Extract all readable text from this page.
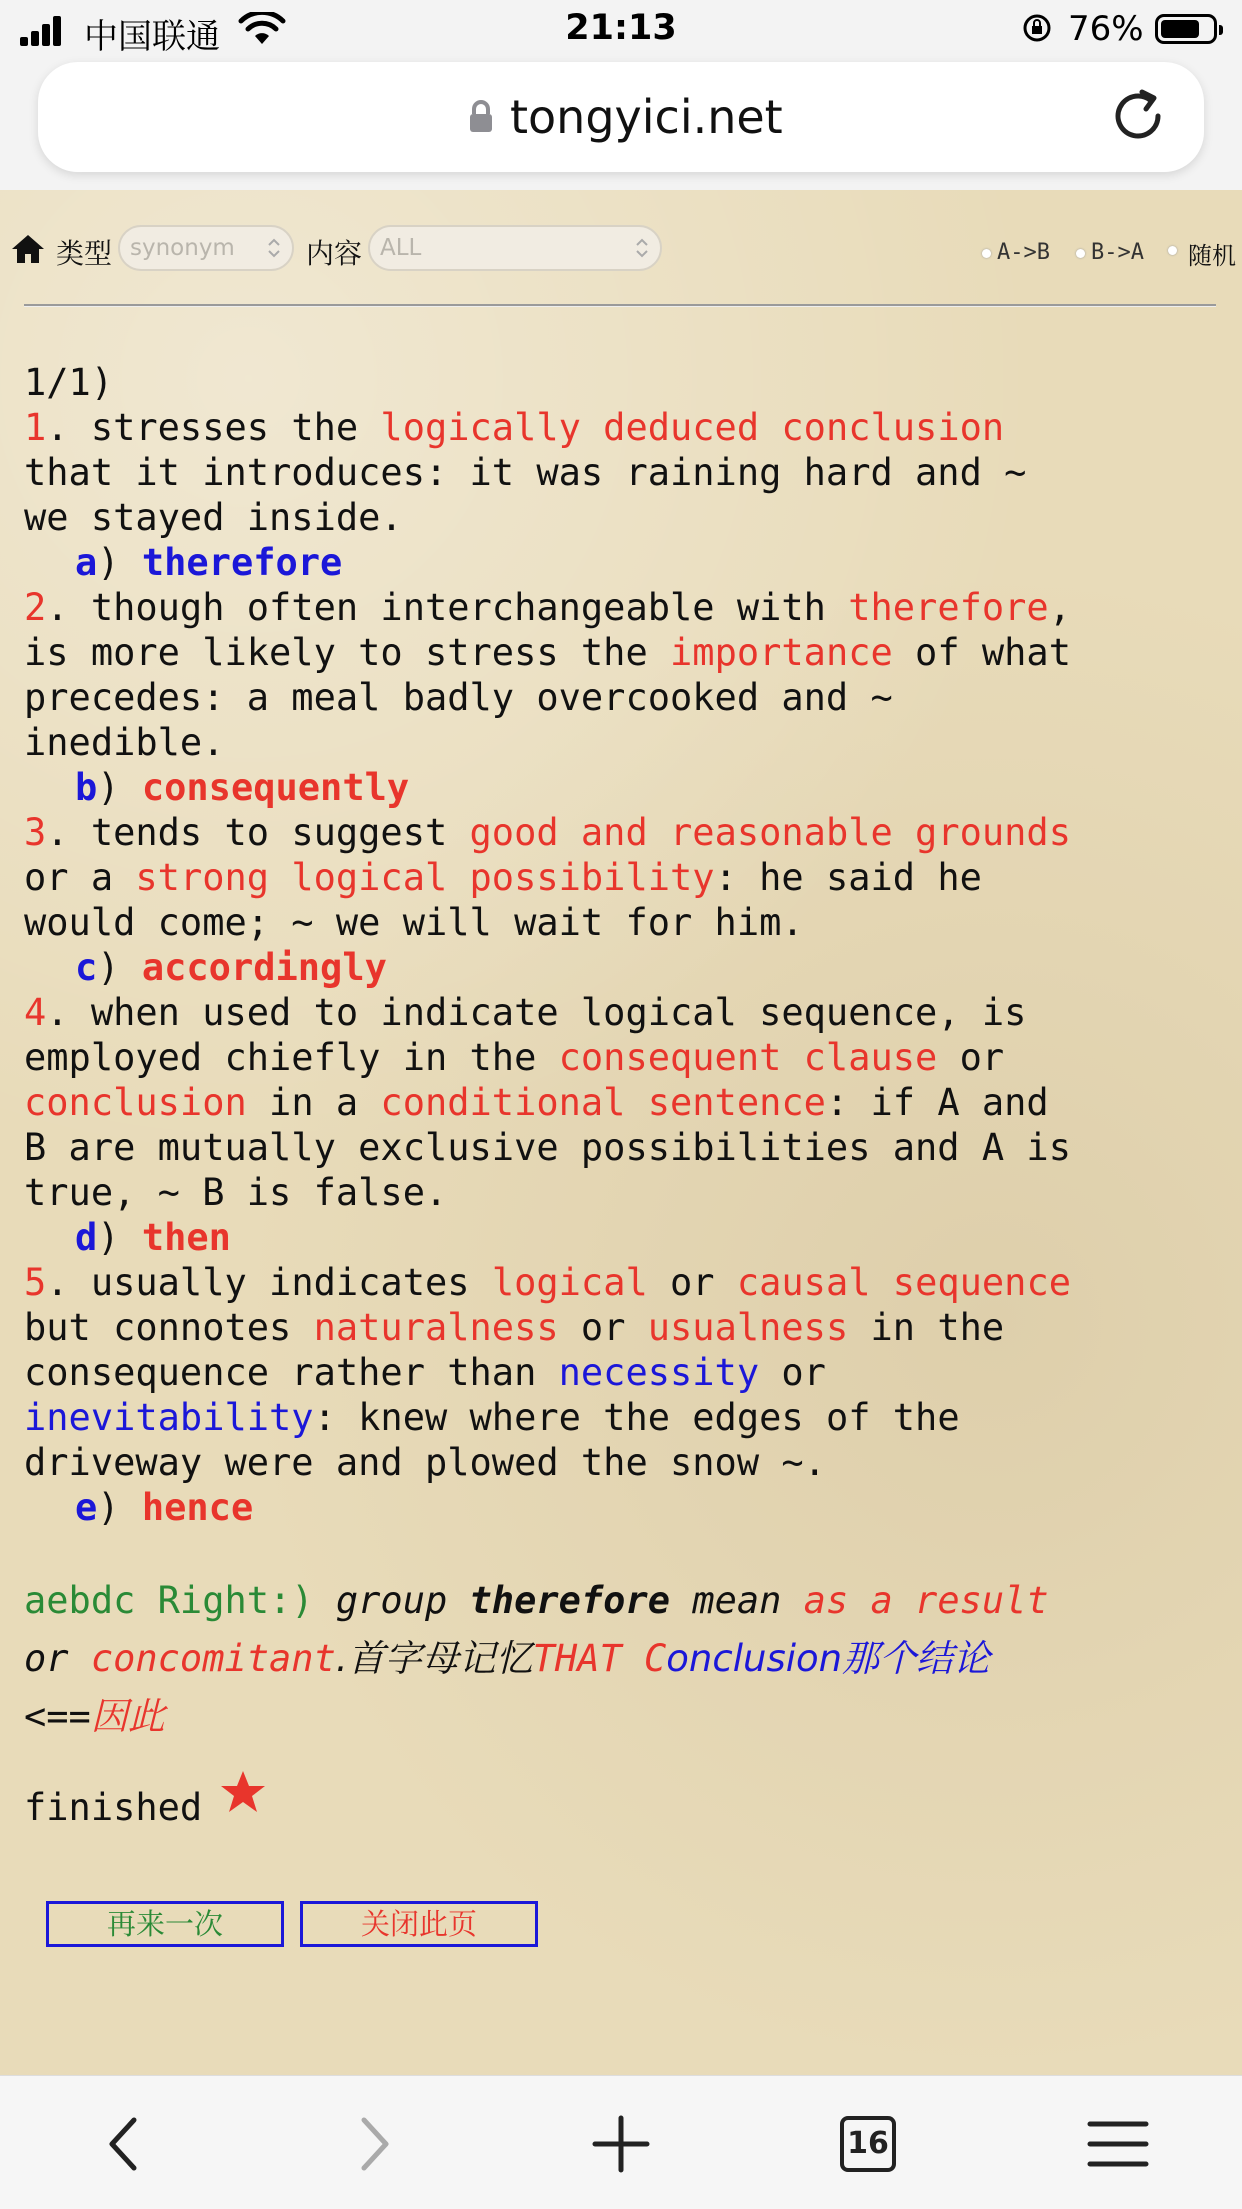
中国联通	21:13	76%
tongyici.net
类型 synonym	内容 ALL	A->B	B->A 随机
1/1)
1. stresses the logically deduced conclusion
that it introduces: it was raining hard and ~
we stayed inside.
a) therefore
2. though often interchangeable with therefore,
is more likely to stress the importance of what
precedes: a meal badly overcooked and ~
inedible.
b) consequently
3. tends to suggest good and reasonable grounds
or a strong logical possibility: he said he
would come; ~ we will wait for him.
c) accordingly
4. when used to indicate logical sequence, is
employed chiefly in the consequent clause or
conclusion in a conditional sentence: if A and
B are mutually exclusive possibilities and A is
true, ~ B is false.
d) then
5. usually indicates logical or causal sequence
but connotes naturalness or usualness in the
consequence rather than necessity or
inevitability: knew where the edges of the
driveway were and plowed the snow ~.
e) hence
aebdc Right:) group therefore mean as a result
or concomitant.首字母记忆THAT Conclusion那个结论
<==因此
finished
再来一次	关闭此页
16
